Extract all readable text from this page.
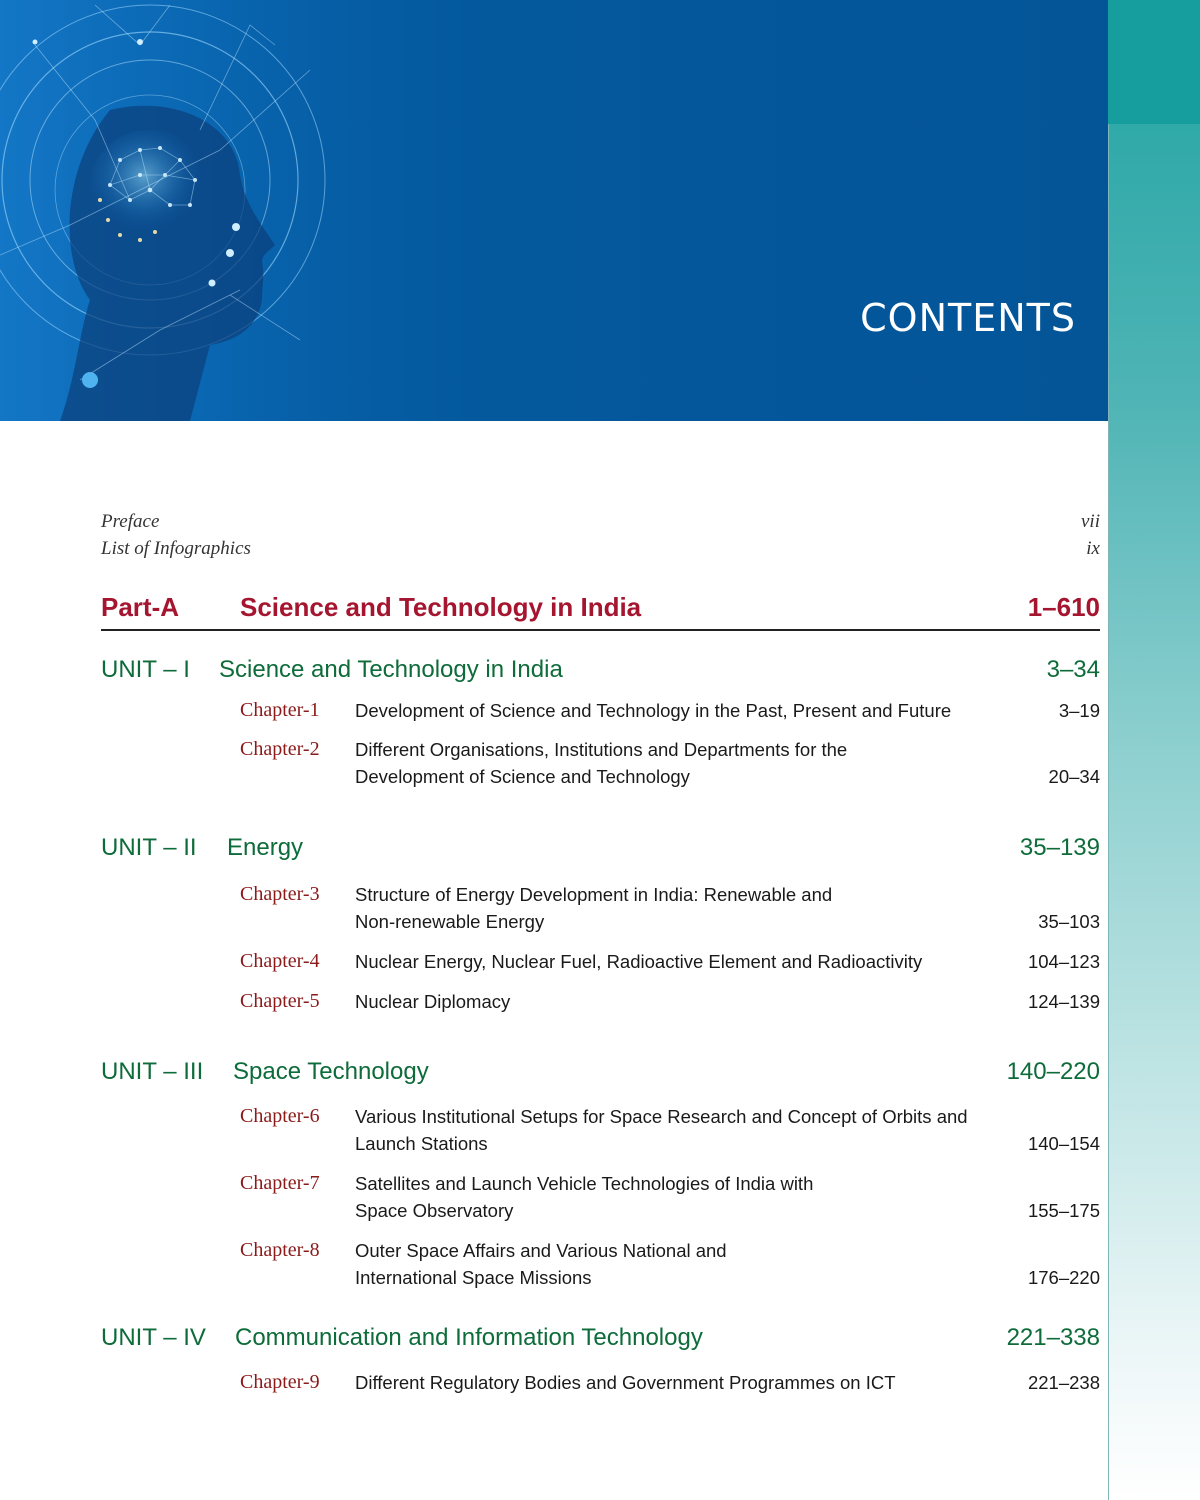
CONTENTS
Preface	vii
List of Infographics	ix
Part-A	Science and Technology in India	1–610
UNIT – I	Science and Technology in India	3–34
Chapter-1	Development of Science and Technology in the Past, Present and Future	3–19
Chapter-2	Different Organisations, Institutions and Departments for the Development of Science and Technology	20–34
UNIT – II	Energy	35–139
Chapter-3	Structure of Energy Development in India: Renewable and Non-renewable Energy	35–103
Chapter-4	Nuclear Energy, Nuclear Fuel, Radioactive Element and Radioactivity	104–123
Chapter-5	Nuclear Diplomacy	124–139
UNIT – III	Space Technology	140–220
Chapter-6	Various Institutional Setups for Space Research and Concept of Orbits and Launch Stations	140–154
Chapter-7	Satellites and Launch Vehicle Technologies of India with Space Observatory	155–175
Chapter-8	Outer Space Affairs and Various National and International Space Missions	176–220
UNIT – IV	Communication and Information Technology	221–338
Chapter-9	Different Regulatory Bodies and Government Programmes on ICT	221–238
